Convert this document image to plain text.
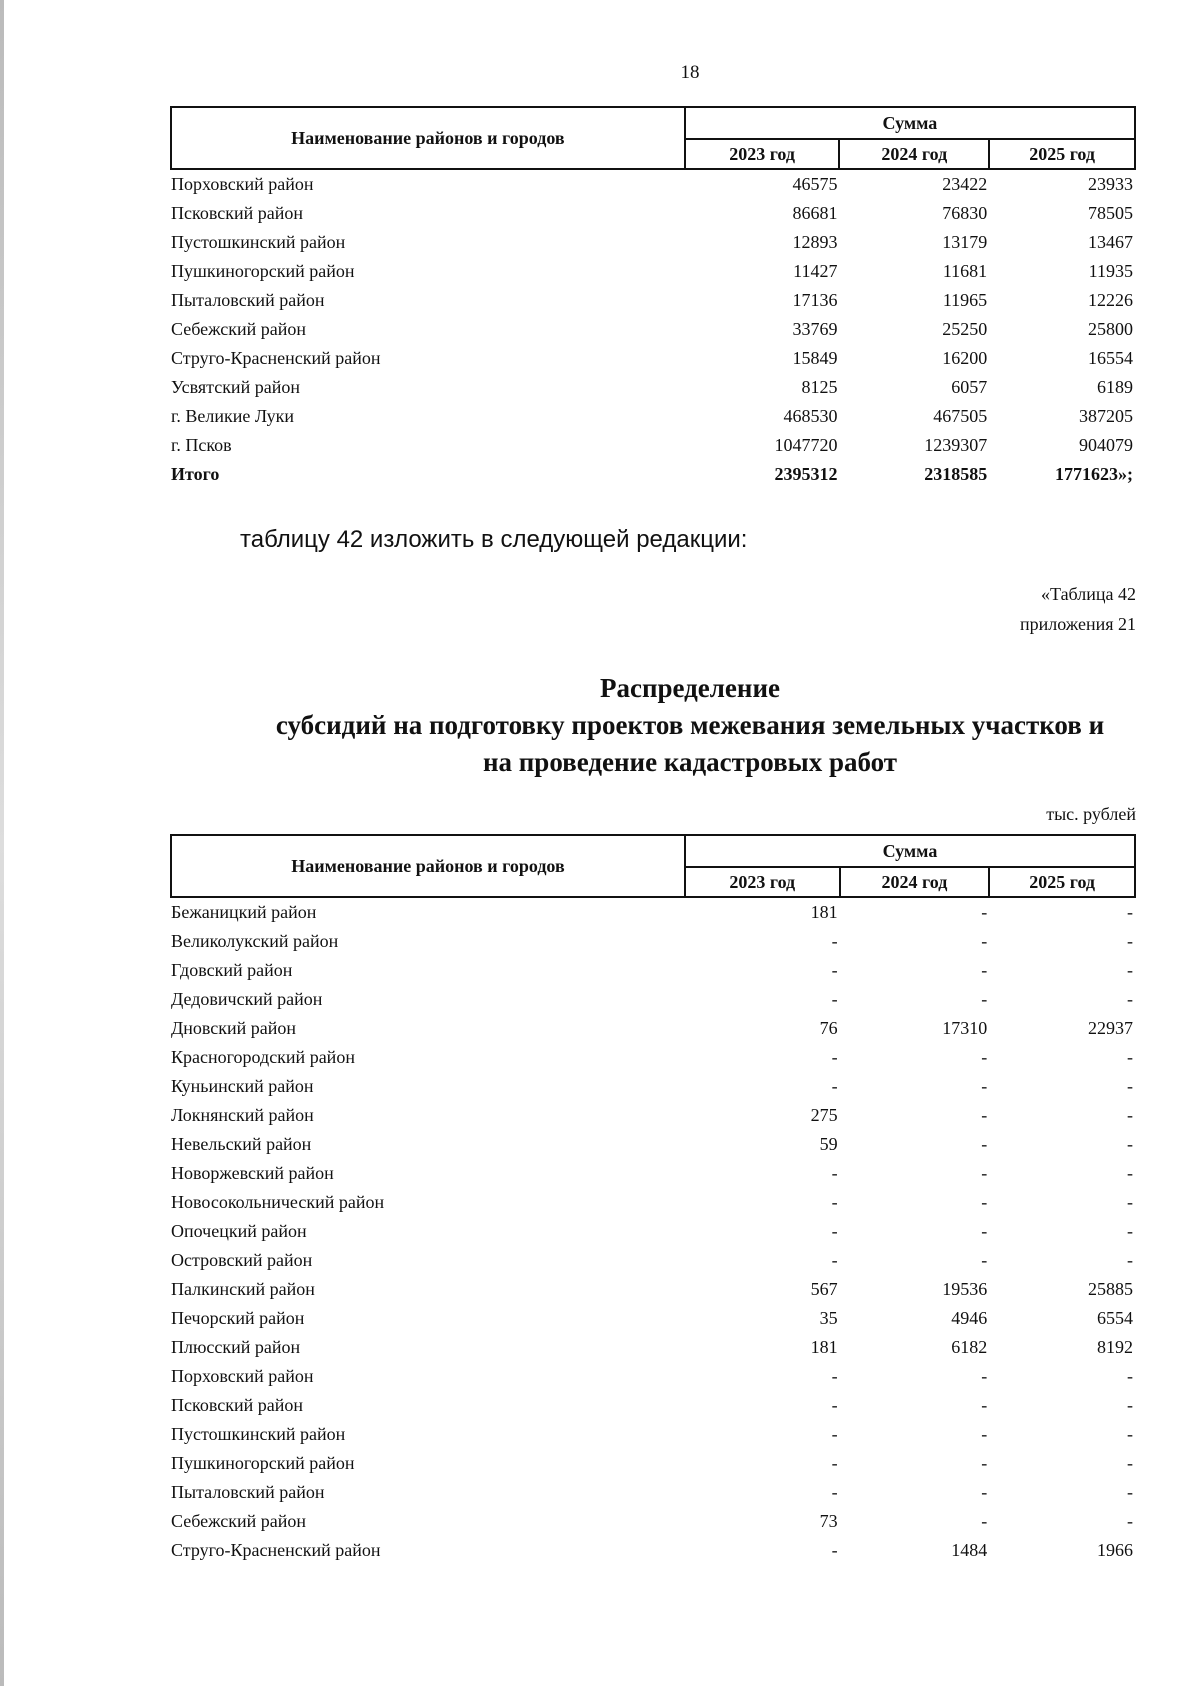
18
Наименование районов и городов	Сумма		
	2023 год	2024 год	2025 год
Порховский район	46575	23422	23933
Псковский район	86681	76830	78505
Пустошкинский район	12893	13179	13467
Пушкиногорский район	11427	11681	11935
Пыталовский район	17136	11965	12226
Себежский район	33769	25250	25800
Струго-Красненский район	15849	16200	16554
Усвятский район	8125	6057	6189
г. Великие Луки	468530	467505	387205
г. Псков	1047720	1239307	904079
Итого	2395312	2318585	1771623»;
таблицу 42 изложить в следующей редакции:
«Таблица 42
приложения 21
Распределение
субсидий на подготовку проектов межевания земельных участков и
на проведение кадастровых работ
тыс. рублей
Наименование районов и городов	Сумма		
	2023 год	2024 год	2025 год
Бежаницкий район	181	-	-
Великолукский район	-	-	-
Гдовский район	-	-	-
Дедовичский район	-	-	-
Дновский район	76	17310	22937
Красногородский район	-	-	-
Куньинский район	-	-	-
Локнянский район	275	-	-
Невельский район	59	-	-
Новоржевский район	-	-	-
Новосокольнический район	-	-	-
Опочецкий район	-	-	-
Островский район	-	-	-
Палкинский район	567	19536	25885
Печорский район	35	4946	6554
Плюсский район	181	6182	8192
Порховский район	-	-	-
Псковский район	-	-	-
Пустошкинский район	-	-	-
Пушкиногорский район	-	-	-
Пыталовский район	-	-	-
Себежский район	73	-	-
Струго-Красненский район	-	1484	1966
